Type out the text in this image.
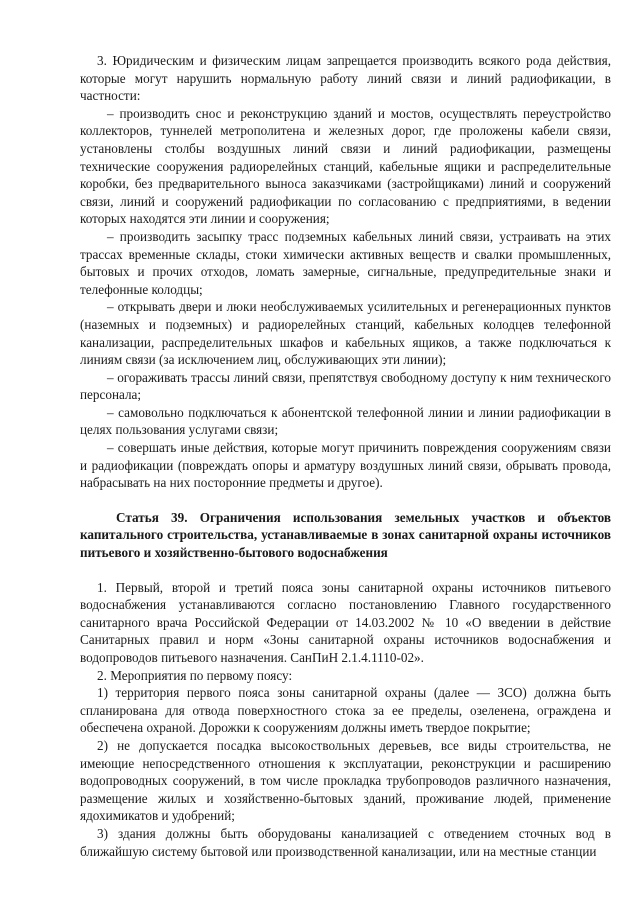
3. Юридическим и физическим лицам запрещается производить всякого рода действия, которые могут нарушить нормальную работу линий связи и линий радиофикации, в частности:

– производить снос и реконструкцию зданий и мостов, осуществлять переустройство коллекторов, туннелей метрополитена и железных дорог, где проложены кабели связи, установлены столбы воздушных линий связи и линий радиофикации, размещены технические сооружения радиорелейных станций, кабельные ящики и распределительные коробки, без предварительного выноса заказчиками (застройщиками) линий и сооружений связи, линий и сооружений радиофикации по согласованию с предприятиями, в ведении которых находятся эти линии и сооружения;

– производить засыпку трасс подземных кабельных линий связи, устраивать на этих трассах временные склады, стоки химически активных веществ и свалки промышленных, бытовых и прочих отходов, ломать замерные, сигнальные, предупредительные знаки и телефонные колодцы;

– открывать двери и люки необслуживаемых усилительных и регенерационных пунктов (наземных и подземных) и радиорелейных станций, кабельных колодцев телефонной канализации, распределительных шкафов и кабельных ящиков, а также подключаться к линиям связи (за исключением лиц, обслуживающих эти линии);

– огораживать трассы линий связи, препятствуя свободному доступу к ним технического персонала;

– самовольно подключаться к абонентской телефонной линии и линии радиофикации в целях пользования услугами связи;

– совершать иные действия, которые могут причинить повреждения сооружениям связи и радиофикации (повреждать опоры и арматуру воздушных линий связи, обрывать провода, набрасывать на них посторонние предметы и другое).

Статья 39. Ограничения использования земельных участков и объектов капитального строительства, устанавливаемые в зонах санитарной охраны источников питьевого и хозяйственно-бытового водоснабжения

1. Первый, второй и третий пояса зоны санитарной охраны источников питьевого водоснабжения устанавливаются согласно постановлению Главного государственного санитарного врача Российской Федерации от 14.03.2002 № 10 «О введении в действие Санитарных правил и норм «Зоны санитарной охраны источников водоснабжения и водопроводов питьевого назначения. СанПиН 2.1.4.1110-02».

2. Мероприятия по первому поясу:

1) территория первого пояса зоны санитарной охраны (далее — ЗСО) должна быть спланирована для отвода поверхностного стока за ее пределы, озеленена, ограждена и обеспечена охраной. Дорожки к сооружениям должны иметь твердое покрытие;

2) не допускается посадка высокоствольных деревьев, все виды строительства, не имеющие непосредственного отношения к эксплуатации, реконструкции и расширению водопроводных сооружений, в том числе прокладка трубопроводов различного назначения, размещение жилых и хозяйственно-бытовых зданий, проживание людей, применение ядохимикатов и удобрений;

3) здания должны быть оборудованы канализацией с отведением сточных вод в ближайшую систему бытовой или производственной канализации, или на местные станции
